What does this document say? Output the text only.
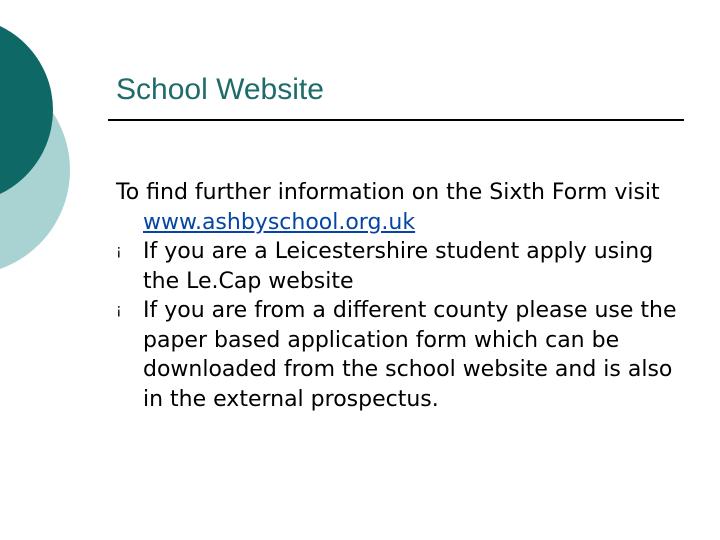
School Website

To find further information on the Sixth Form visit www.ashbyschool.org.uk

¡ If you are a Leicestershire student apply using the Le.Cap website

¡ If you are from a different county please use the paper based application form which can be downloaded from the school website and is also in the external prospectus.
